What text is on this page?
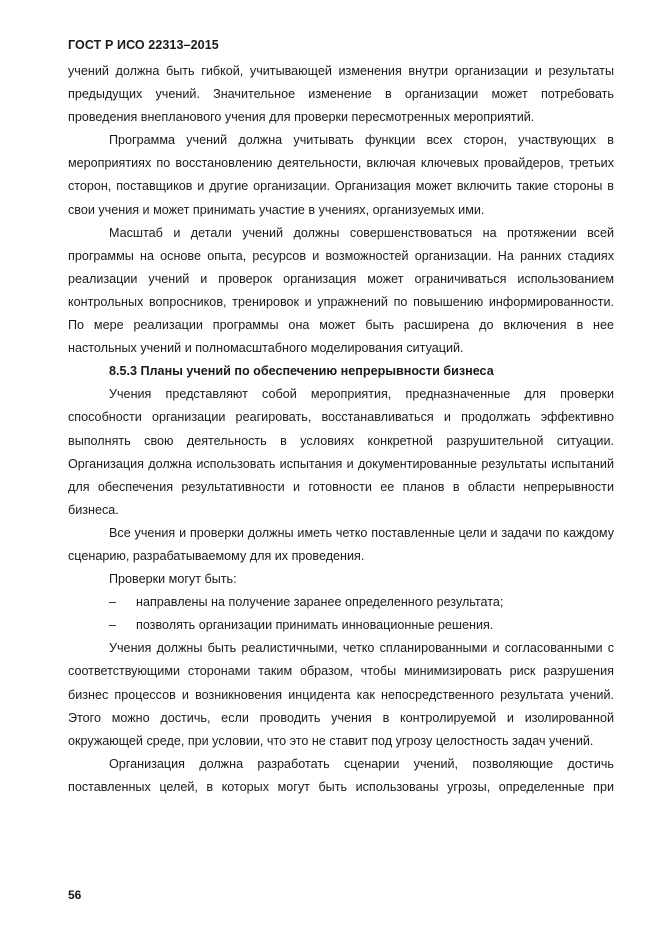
ГОСТ Р ИСО 22313–2015

учений должна быть гибкой, учитывающей изменения внутри организации и результаты предыдущих учений. Значительное изменение в организации может потребовать проведения внепланового учения для проверки пересмотренных мероприятий.

Программа учений должна учитывать функции всех сторон, участвующих в мероприятиях по восстановлению деятельности, включая ключевых провайдеров, третьих сторон, поставщиков и другие организации. Организация может включить такие стороны в свои учения и может принимать участие в учениях, организуемых ими.

Масштаб и детали учений должны совершенствоваться на протяжении всей программы на основе опыта, ресурсов и возможностей организации. На ранних стадиях реализации учений и проверок организация может ограничиваться использованием контрольных вопросников, тренировок и упражнений по повышению информированности. По мере реализации программы она может быть расширена до включения в нее настольных учений и полномасштабного моделирования ситуаций.

8.5.3 Планы учений по обеспечению непрерывности бизнеса

Учения представляют собой мероприятия, предназначенные для проверки способности организации реагировать, восстанавливаться и продолжать эффективно выполнять свою деятельность в условиях конкретной разрушительной ситуации. Организация должна использовать испытания и документированные результаты испытаний для обеспечения результативности и готовности ее планов в области непрерывности бизнеса.

Все учения и проверки должны иметь четко поставленные цели и задачи по каждому сценарию, разрабатываемому для их проведения.

Проверки могут быть:

–	направлены на получение заранее определенного результата;
–	позволять организации принимать инновационные решения.

Учения должны быть реалистичными, четко спланированными и согласованными с соответствующими сторонами таким образом, чтобы минимизировать риск разрушения бизнес процессов и возникновения инцидента как непосредственного результата учений. Этого можно достичь, если проводить учения в контролируемой и изолированной окружающей среде, при условии, что это не ставит под угрозу целостность задач учений.

Организация должна разработать сценарии учений, позволяющие достичь поставленных целей, в которых могут быть использованы угрозы, определенные при

56
